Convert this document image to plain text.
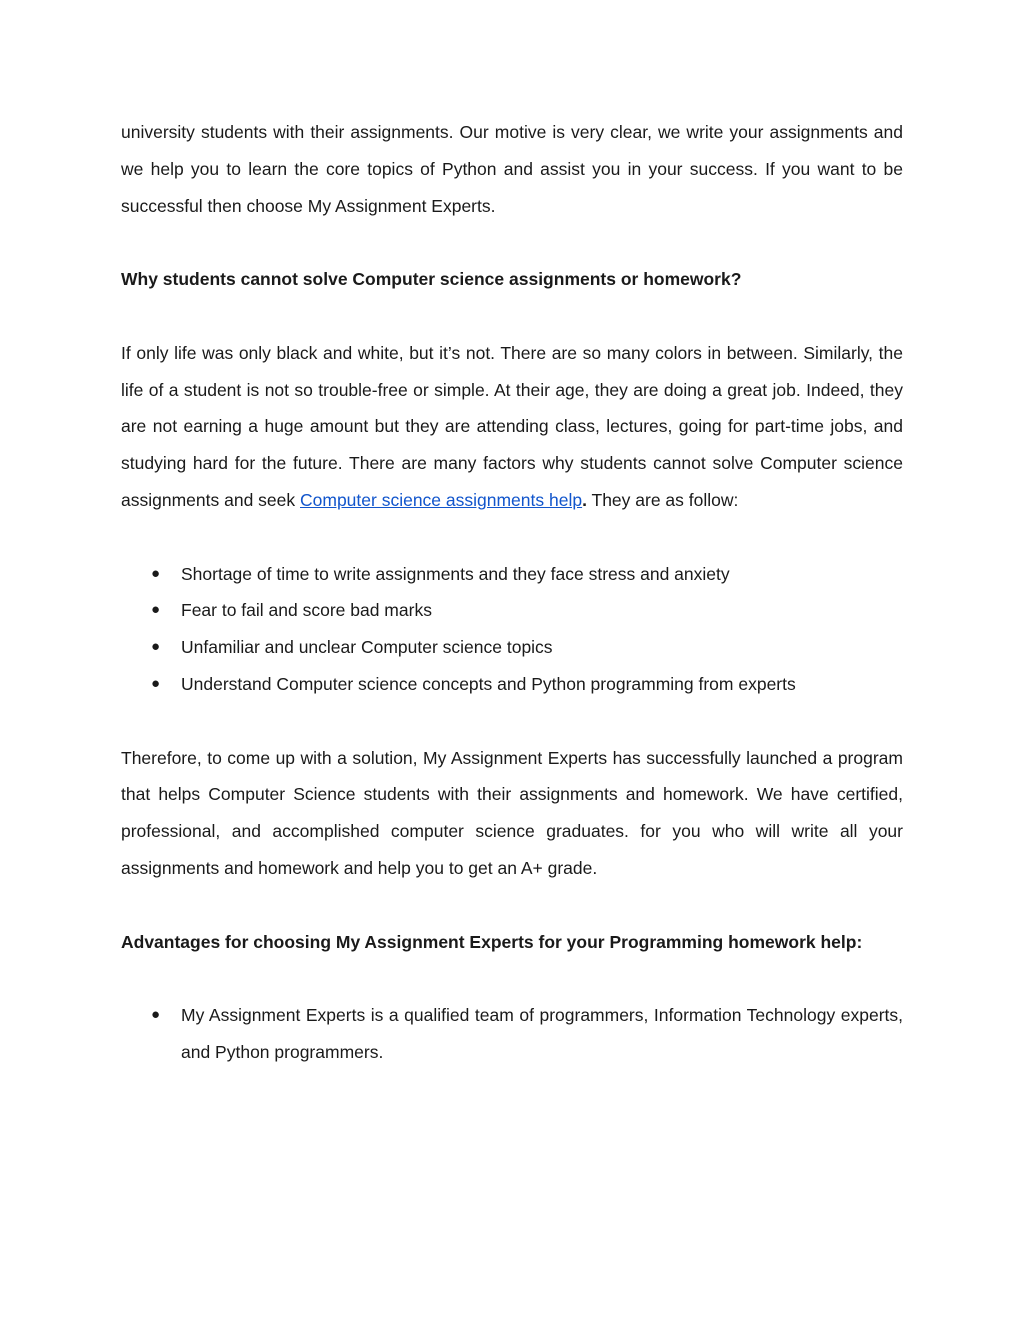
university students with their assignments. Our motive is very clear, we write your assignments and we help you to learn the core topics of Python and assist you in your success. If you want to be successful then choose My Assignment Experts.

Why students cannot solve Computer science assignments or homework?

If only life was only black and white, but it’s not. There are so many colors in between. Similarly, the life of a student is not so trouble-free or simple. At their age, they are doing a great job. Indeed, they are not earning a huge amount but they are attending class, lectures, going for part-time jobs, and studying hard for the future. There are many factors why students cannot solve Computer science assignments and seek Computer science assignments help. They are as follow:

● Shortage of time to write assignments and they face stress and anxiety
● Fear to fail and score bad marks
● Unfamiliar and unclear Computer science topics
● Understand Computer science concepts and Python programming from experts

Therefore, to come up with a solution, My Assignment Experts has successfully launched a program that helps Computer Science students with their assignments and homework. We have certified, professional, and accomplished computer science graduates. for you who will write all your assignments and homework and help you to get an A+ grade.

Advantages for choosing My Assignment Experts for your Programming homework help:

● My Assignment Experts is a qualified team of programmers, Information Technology experts, and Python programmers.
